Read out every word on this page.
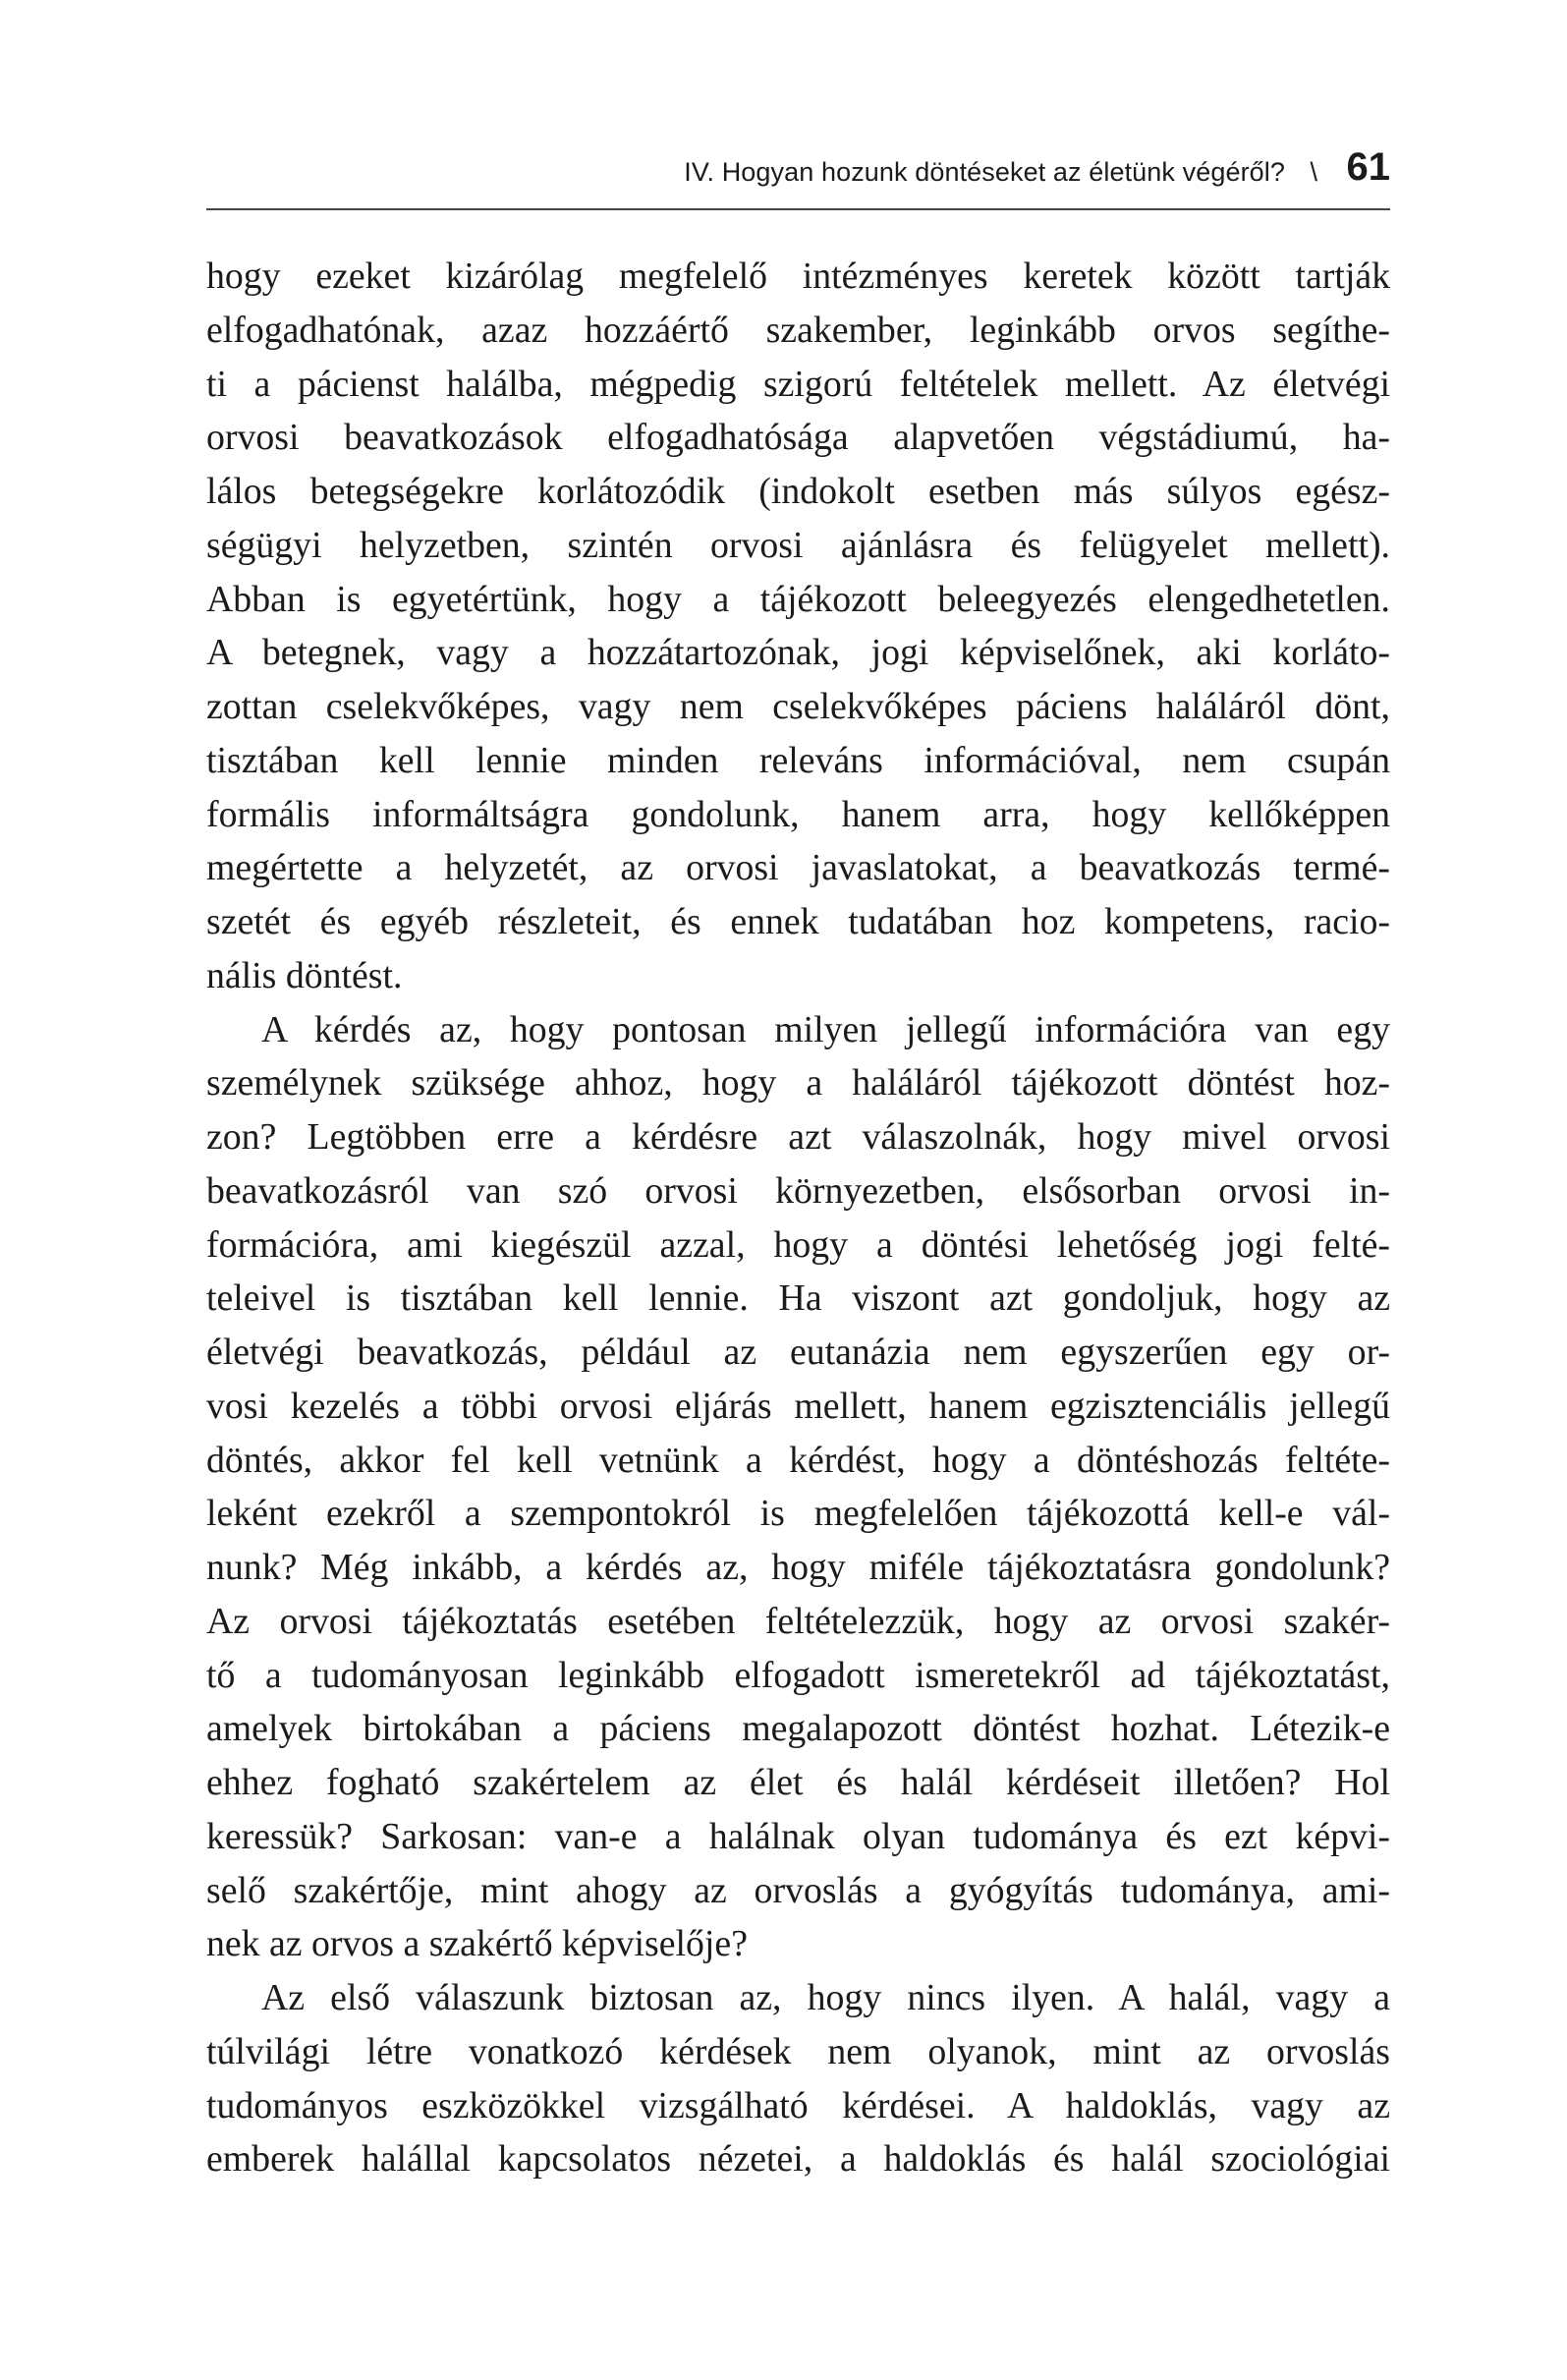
IV. Hogyan hozunk döntéseket az életünk végéről? \ 61
hogy ezeket kizárólag megfelelő intézményes keretek között tartják
elfogadhatónak, azaz hozzáértő szakember, leginkább orvos segíthe-
ti a pácienst halálba, mégpedig szigorú feltételek mellett. Az életvégi
orvosi beavatkozások elfogadhatósága alapvetően végstádiumú, ha-
lálos betegségekre korlátozódik (indokolt esetben más súlyos egész-
ségügyi helyzetben, szintén orvosi ajánlásra és felügyelet mellett).
Abban is egyetértünk, hogy a tájékozott beleegyezés elengedhetetlen.
A betegnek, vagy a hozzátartozónak, jogi képviselőnek, aki korláto-
zottan cselekvőképes, vagy nem cselekvőképes páciens haláláról dönt,
tisztában kell lennie minden releváns információval, nem csupán
formális informáltságra gondolunk, hanem arra, hogy kellőképpen
megértette a helyzetét, az orvosi javaslatokat, a beavatkozás termé-
szetét és egyéb részleteit, és ennek tudatában hoz kompetens, racio-
nális döntést.
A kérdés az, hogy pontosan milyen jellegű információra van egy
személynek szüksége ahhoz, hogy a haláláról tájékozott döntést hoz-
zon? Legtöbben erre a kérdésre azt válaszolnák, hogy mivel orvosi
beavatkozásról van szó orvosi környezetben, elsősorban orvosi in-
formációra, ami kiegészül azzal, hogy a döntési lehetőség jogi felté-
teleivel is tisztában kell lennie. Ha viszont azt gondoljuk, hogy az
életvégi beavatkozás, például az eutanázia nem egyszerűen egy or-
vosi kezelés a többi orvosi eljárás mellett, hanem egzisztenciális jellegű
döntés, akkor fel kell vetnünk a kérdést, hogy a döntéshozás feltéte-
leként ezekről a szempontokról is megfelelően tájékozottá kell-e vál-
nunk? Még inkább, a kérdés az, hogy miféle tájékoztatásra gondolunk?
Az orvosi tájékoztatás esetében feltételezzük, hogy az orvosi szakér-
tő a tudományosan leginkább elfogadott ismeretekről ad tájékoztatást,
amelyek birtokában a páciens megalapozott döntést hozhat. Létezik-e
ehhez fogható szakértelem az élet és halál kérdéseit illetően? Hol
keressük? Sarkosan: van-e a halálnak olyan tudománya és ezt képvi-
selő szakértője, mint ahogy az orvoslás a gyógyítás tudománya, ami-
nek az orvos a szakértő képviselője?
Az első válaszunk biztosan az, hogy nincs ilyen. A halál, vagy a
túlvilági létre vonatkozó kérdések nem olyanok, mint az orvoslás
tudományos eszközökkel vizsgálható kérdései. A haldoklás, vagy az
emberek halállal kapcsolatos nézetei, a haldoklás és halál szociológiai
